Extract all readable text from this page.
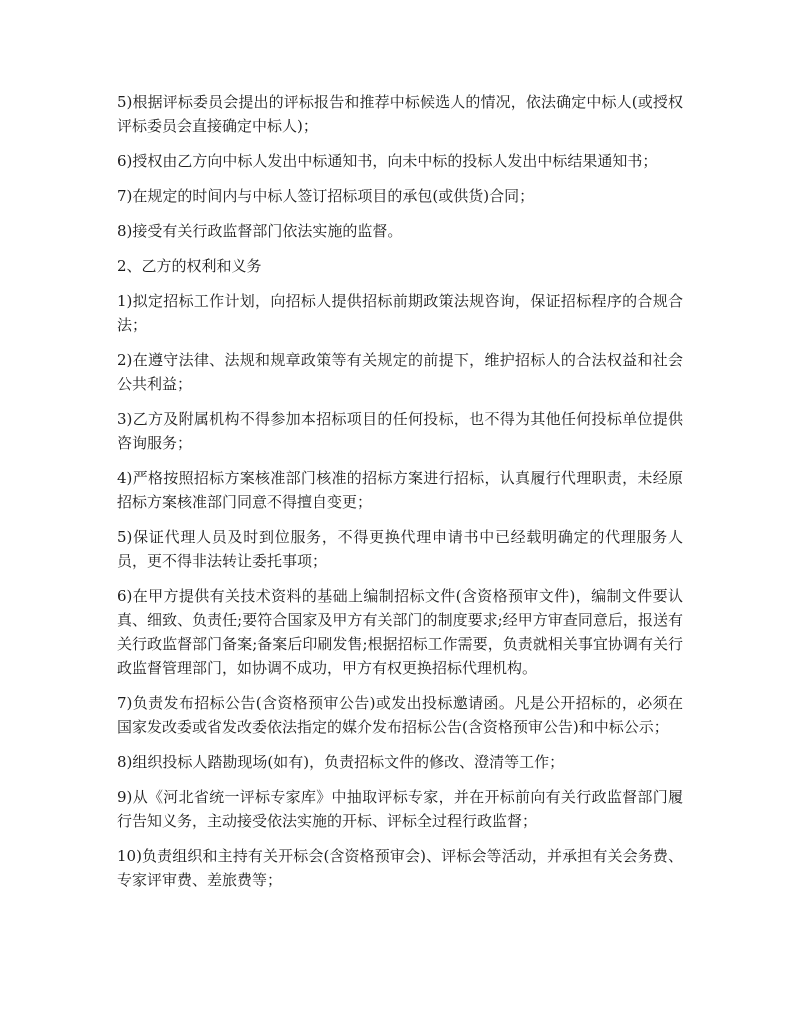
5)根据评标委员会提出的评标报告和推荐中标候选人的情况，依法确定中标人(或授权评标委员会直接确定中标人)；

6)授权由乙方向中标人发出中标通知书，向未中标的投标人发出中标结果通知书；

7)在规定的时间内与中标人签订招标项目的承包(或供货)合同；

8)接受有关行政监督部门依法实施的监督。

2、乙方的权利和义务

1)拟定招标工作计划，向招标人提供招标前期政策法规咨询，保证招标程序的合规合法；

2)在遵守法律、法规和规章政策等有关规定的前提下，维护招标人的合法权益和社会公共利益；

3)乙方及附属机构不得参加本招标项目的任何投标，也不得为其他任何投标单位提供咨询服务；

4)严格按照招标方案核准部门核准的招标方案进行招标，认真履行代理职责，未经原招标方案核准部门同意不得擅自变更；

5)保证代理人员及时到位服务，不得更换代理申请书中已经载明确定的代理服务人员，更不得非法转让委托事项；

6)在甲方提供有关技术资料的基础上编制招标文件(含资格预审文件)，编制文件要认真、细致、负责任;要符合国家及甲方有关部门的制度要求;经甲方审查同意后，报送有关行政监督部门备案;备案后印刷发售;根据招标工作需要，负责就相关事宜协调有关行政监督管理部门，如协调不成功，甲方有权更换招标代理机构。

7)负责发布招标公告(含资格预审公告)或发出投标邀请函。凡是公开招标的，必须在国家发改委或省发改委依法指定的媒介发布招标公告(含资格预审公告)和中标公示；

8)组织投标人踏勘现场(如有)，负责招标文件的修改、澄清等工作；

9)从《河北省统一评标专家库》中抽取评标专家，并在开标前向有关行政监督部门履行告知义务，主动接受依法实施的开标、评标全过程行政监督；

10)负责组织和主持有关开标会(含资格预审会)、评标会等活动，并承担有关会务费、专家评审费、差旅费等；
